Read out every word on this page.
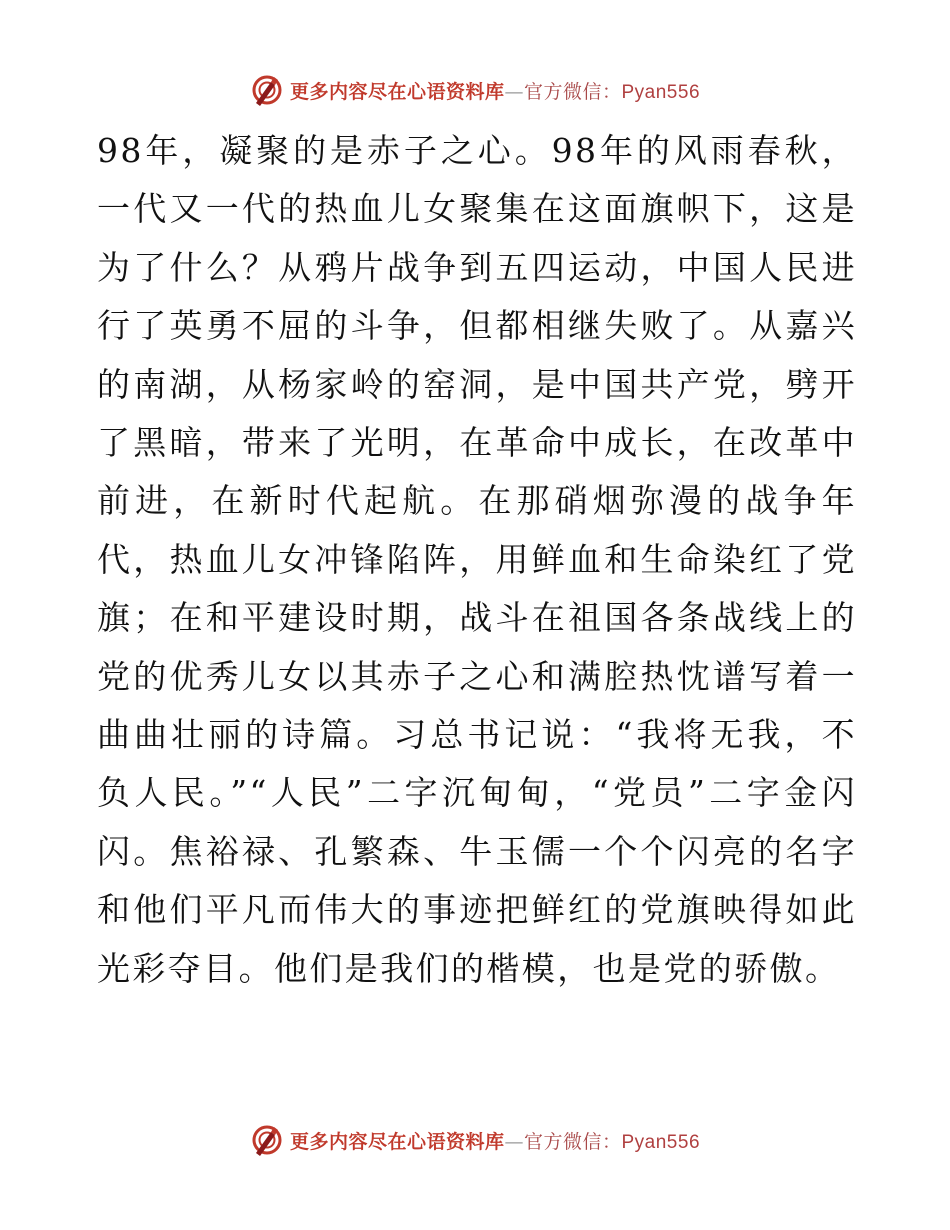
更多内容尽在心语资料库—官方微信：Pyan556

98年，凝聚的是赤子之心。98年的风雨春秋，一代又一代的热血儿女聚集在这面旗帜下，这是为了什么？从鸦片战争到五四运动，中国人民进行了英勇不屈的斗争，但都相继失败了。从嘉兴的南湖，从杨家岭的窑洞，是中国共产党，劈开了黑暗，带来了光明，在革命中成长，在改革中前进，在新时代起航。在那硝烟弥漫的战争年代，热血儿女冲锋陷阵，用鲜血和生命染红了党旗；在和平建设时期，战斗在祖国各条战线上的党的优秀儿女以其赤子之心和满腔热忱谱写着一曲曲壮丽的诗篇。习总书记说：“我将无我，不负人民。”“人民”二字沉甸甸，“党员”二字金闪闪。焦裕禄、孔繁森、牛玉儒一个个闪亮的名字和他们平凡而伟大的事迹把鲜红的党旗映得如此光彩夺目。他们是我们的楷模，也是党的骄傲。

更多内容尽在心语资料库—官方微信：Pyan556
